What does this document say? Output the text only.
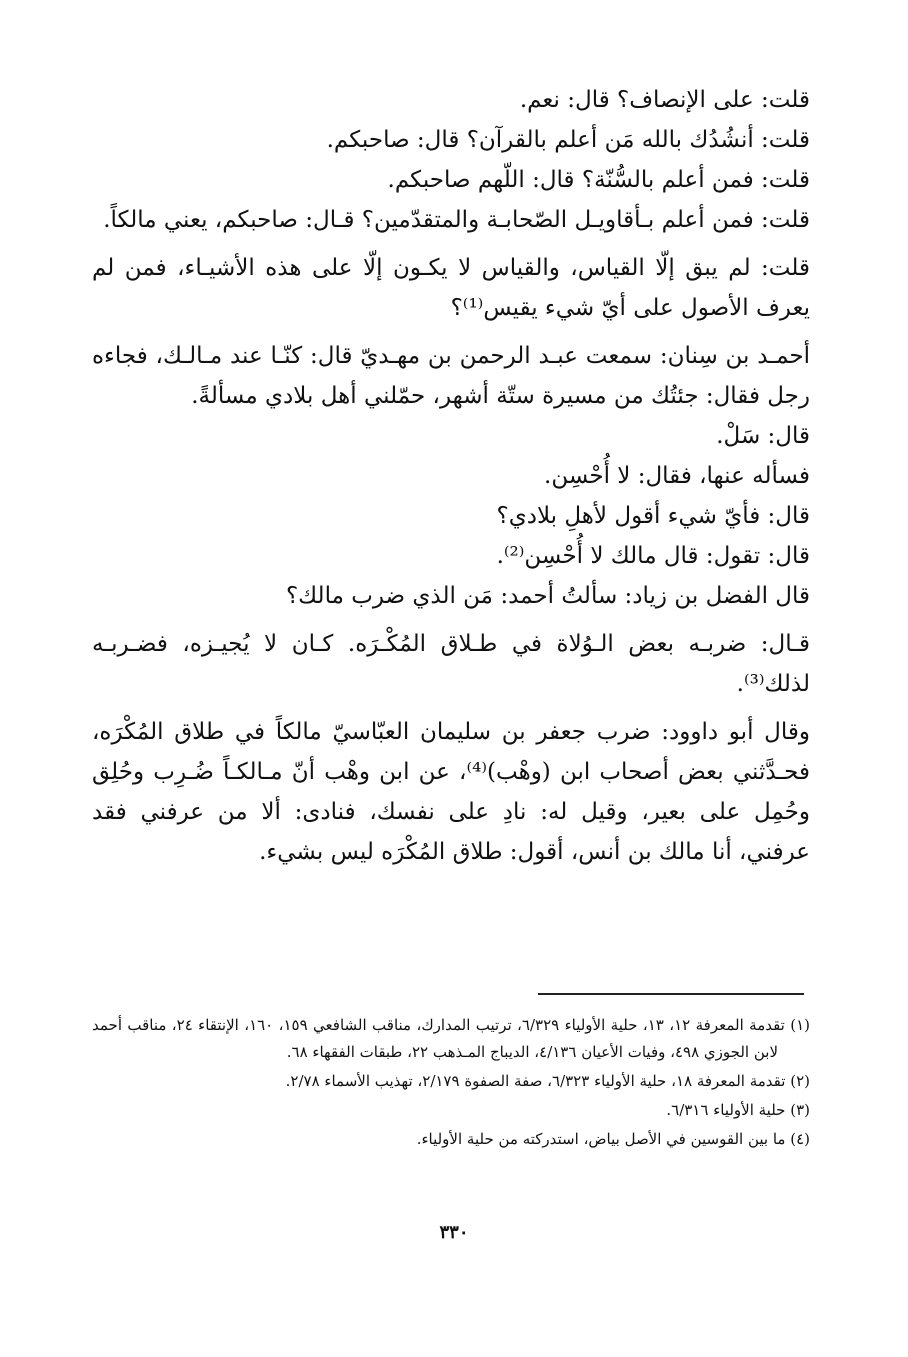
قلت: على الإنصاف؟ قال: نعم.

قلت: أنشُدُك بالله مَن أعلم بالقرآن؟ قال: صاحبكم.

قلت: فمن أعلم بالسُّنّة؟ قال: اللّهم صاحبكم.

قلت: فمن أعلم بـأقاويـل الصّحابـة والمتقدّمين؟ قـال: صاحبكم، يعني مالكاً.

قلت: لم يبق إلّا القياس، والقياس لا يكـون إلّا على هذه الأشيـاء، فمن لم يعرف الأصول على أيّ شيء يقيس⁽¹⁾؟

أحمـد بن سِنان: سمعت عبـد الرحمن بن مهـديّ قال: كنّـا عند مـالـك، فجاءه رجل فقال: جئتُك من مسيرة ستّة أشهر، حمّلني أهل بلادي مسألةً.

قال: سَلْ.

فسأله عنها، فقال: لا أُحْسِن.

قال: فأيّ شيء أقول لأهلِ بلادي؟

قال: تقول: قال مالك لا أُحْسِن⁽²⁾.

قال الفضل بن زياد: سألتُ أحمد: مَن الذي ضرب مالك؟

قـال: ضربـه بعض الـوُلاة في طـلاق المُكْـرَه. كـان لا يُجيـزه، فضـربـه لذلك⁽³⁾.

وقال أبو داوود: ضرب جعفر بن سليمان العبّاسيّ مالكاً في طلاق المُكْرَه، فحـدَّثني بعض أصحاب ابن (وهْب)⁽⁴⁾، عن ابن وهْب أنّ مـالكـاً ضُـرِب وحُلِق وحُمِل على بعير، وقيل له: نادِ على نفسك، فنادى: ألا من عرفني فقد عرفني، أنا مالك بن أنس، أقول: طلاق المُكْرَه ليس بشيء.

(١) تقدمة المعرفة ١٢، ١٣، حلية الأولياء ٦/٣٢٩، ترتيب المدارك، مناقب الشافعي ١٥٩، ١٦٠، الإنتقاء ٢٤، مناقب أحمد لابن الجوزي ٤٩٨، وفيات الأعيان ٤/١٣٦، الديباج المـذهب ٢٢، طبقات الفقهاء ٦٨.

(٢) تقدمة المعرفة ١٨، حلية الأولياء ٦/٣٢٣، صفة الصفوة ٢/١٧٩، تهذيب الأسماء ٢/٧٨.

(٣) حلية الأولياء ٦/٣١٦.

(٤) ما بين القوسين في الأصل بياض، استدركته من حلية الأولياء.

٣٣٠
